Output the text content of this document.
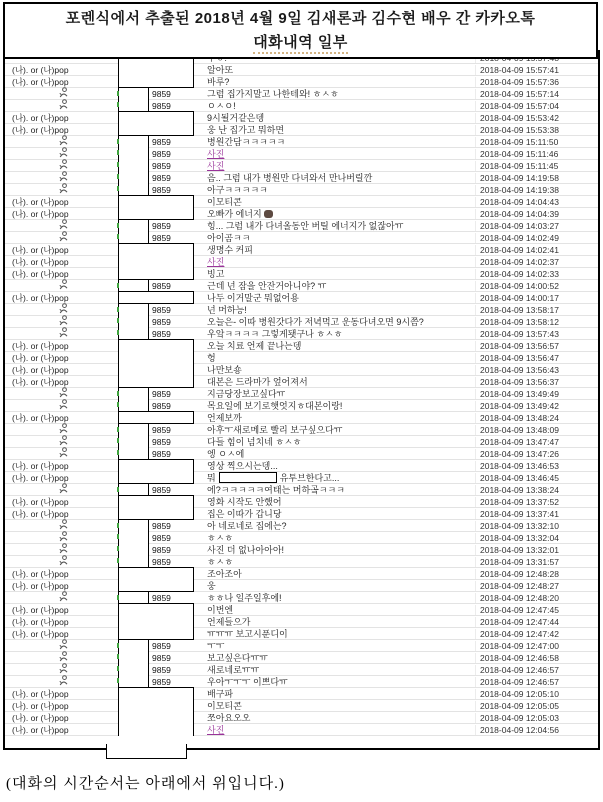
(나). or (나)pop	알아또	2018-04-09 15:57:41
(나). or (나)pop	바루?	2018-04-09 15:57:36
9859	그럼 집가지말고 나한테와! ㅎㅅㅎ	2018-04-09 15:57:14
9859	ㅇㅅㅇ!	2018-04-09 15:57:04
(나). or (나)pop	9시될거같은뎅	2018-04-09 15:53:42
(나). or (나)pop	웅 난 집가고 뭐하면	2018-04-09 15:53:38
9859	병원간담ㅋㅋㅋㅋㅋ	2018-04-09 15:11:50
9859	사진	2018-04-09 15:11:46
9859	사진	2018-04-09 15:11:45
9859	음.. 그럼 내가 병원만 다녀와서 만나버릴깐	2018-04-09 14:19:58
9859	아구ㅋㅋㅋㅋㅋ	2018-04-09 14:19:38
(나). or (나)pop	이모티콘	2018-04-09 14:04:43
(나). or (나)pop	오빠가 에너지	2018-04-09 14:04:39
9859	힝... 그럼 내가 다녀올동안 버틸 에너지가 없잖아ㅠ	2018-04-09 14:03:27
9859	아이곰ㅋㅋ	2018-04-09 14:02:49
(나). or (나)pop	생명수 커피	2018-04-09 14:02:41
(나). or (나)pop	사진	2018-04-09 14:02:37
(나). or (나)pop	빙고	2018-04-09 14:02:33
9859	근데 넌 잠을 안잔거아니야? ㅠ	2018-04-09 14:00:52
(나). or (나)pop	나두 이거말군 뭐없어용	2018-04-09 14:00:17
9859	넌 머하능!	2018-04-09 13:58:17
9859	오늘은- 이따 병원갓다가 저녁먹고 운동다녀오면 9시쯤?	2018-04-09 13:58:12
9859	우앜ㅋㅋㅋㅋ 그렇게됏구나 ㅎㅅㅎ	2018-04-09 13:57:43
(나). or (나)pop	오늘 치료 언제 끝나는뎅	2018-04-09 13:56:57
(나). or (나)pop	헝	2018-04-09 13:56:47
(나). or (나)pop	나만보숑	2018-04-09 13:56:43
(나). or (나)pop	대본은 드라마가 엎어져서	2018-04-09 13:56:37
9859	지금당장보고싶다ㅠ	2018-04-09 13:49:49
9859	목요일에 보기로햇엇지ㅎ대본이랑!	2018-04-09 13:49:42
(나). or (나)pop	언제보까	2018-04-09 13:48:24
9859	아후ㅜ새로메로 빨리 보구싶으다ㅠ	2018-04-09 13:48:09
9859	다들 힘이 넘치네 ㅎㅅㅎ	2018-04-09 13:47:47
9859	엥 ㅇㅅ에	2018-04-09 13:47:26
(나). or (나)pop	영상 찍으시는뎅...	2018-04-09 13:46:53
(나). or (나)pop	뭐	유투브한다고...	2018-04-09 13:46:45
9859	에?ㅋㅋㅋㅋㅋ여태는 머하곸ㅋㅋㅋ	2018-04-09 13:38:24
(나). or (나)pop	영화 시작도 안했어	2018-04-09 13:37:52
(나). or (나)pop	집은 이따가 갑니당	2018-04-09 13:37:41
9859	아 네로네로 집에는?	2018-04-09 13:32:10
9859	ㅎㅅㅎ	2018-04-09 13:32:04
9859	사진 더 없나아아아!	2018-04-09 13:32:01
9859	ㅎㅅㅎ	2018-04-09 13:31:57
(나). or (나)pop	조아조아	2018-04-09 12:48:28
(나). or (나)pop	웅	2018-04-09 12:48:27
9859	ㅎㅎ나 일주일후에!	2018-04-09 12:48:20
(나). or (나)pop	이번엔	2018-04-09 12:47:45
(나). or (나)pop	언제들으가	2018-04-09 12:47:44
(나). or (나)pop	ㅠㅠㅠ 보고시푼디이	2018-04-09 12:47:42
9859	ㅜㅜ	2018-04-09 12:47:00
9859	보고싶은다ㅠㅠ	2018-04-09 12:46:58
9859	새로네로ㅠㅠ	2018-04-09 12:46:57
9859	우아ㅜㅜㅜ 이쁘다ㅠ	2018-04-09 12:46:57
(나). or (나)pop	배구파	2018-04-09 12:05:10
(나). or (나)pop	이모티콘	2018-04-09 12:05:05
(나). or (나)pop	쪼아요오오	2018-04-09 12:05:03
(나). or (나)pop	사진	2018-04-09 12:04:56
포렌식에서 추출된 2018년 4월 9일 김새론과 김수현 배우 간 카카오톡
대화내역 일부
(대화의 시간순서는 아래에서 위입니다.)
